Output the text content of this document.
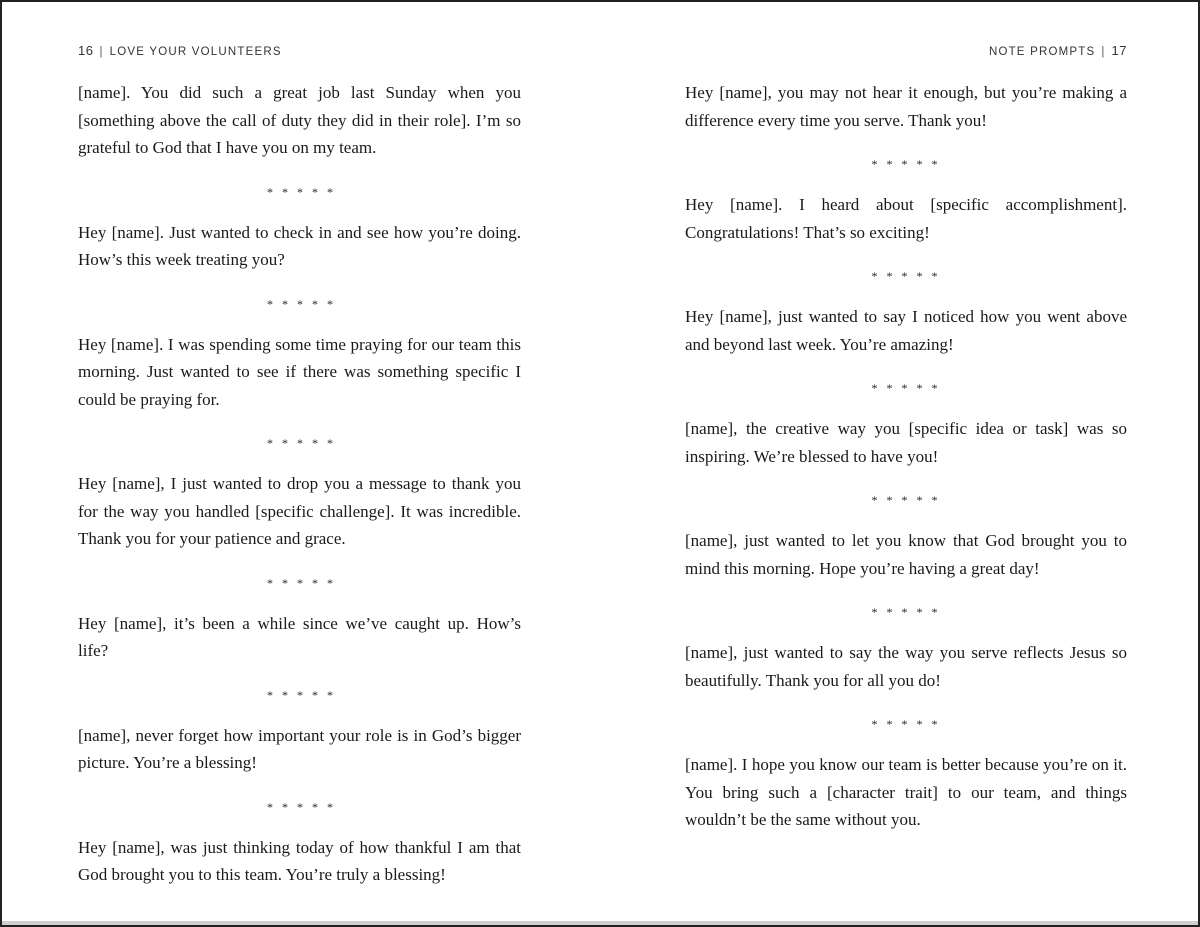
16 | LOVE YOUR VOLUNTEERS

[name]. You did such a great job last Sunday when you [something above the call of duty they did in their role]. I’m so grateful to God that I have you on my team.

* * * * *

Hey [name]. Just wanted to check in and see how you’re doing. How’s this week treating you?

* * * * *

Hey [name]. I was spending some time praying for our team this morning. Just wanted to see if there was something specific I could be praying for.

* * * * *

Hey [name], I just wanted to drop you a message to thank you for the way you handled [specific challenge]. It was incredible. Thank you for your patience and grace.

* * * * *

Hey [name], it’s been a while since we’ve caught up. How’s life?

* * * * *

[name], never forget how important your role is in God’s bigger picture. You’re a blessing!

* * * * *

Hey [name], was just thinking today of how thankful I am that God brought you to this team. You’re truly a blessing!

NOTE PROMPTS | 17

Hey [name], you may not hear it enough, but you’re making a difference every time you serve. Thank you!

* * * * *

Hey [name]. I heard about [specific accomplishment]. Congratulations! That’s so exciting!

* * * * *

Hey [name], just wanted to say I noticed how you went above and beyond last week. You’re amazing!

* * * * *

[name], the creative way you [specific idea or task] was so inspiring. We’re blessed to have you!

* * * * *

[name], just wanted to let you know that God brought you to mind this morning. Hope you’re having a great day!

* * * * *

[name], just wanted to say the way you serve reflects Jesus so beautifully. Thank you for all you do!

* * * * *

[name]. I hope you know our team is better because you’re on it. You bring such a [character trait] to our team, and things wouldn’t be the same without you.
